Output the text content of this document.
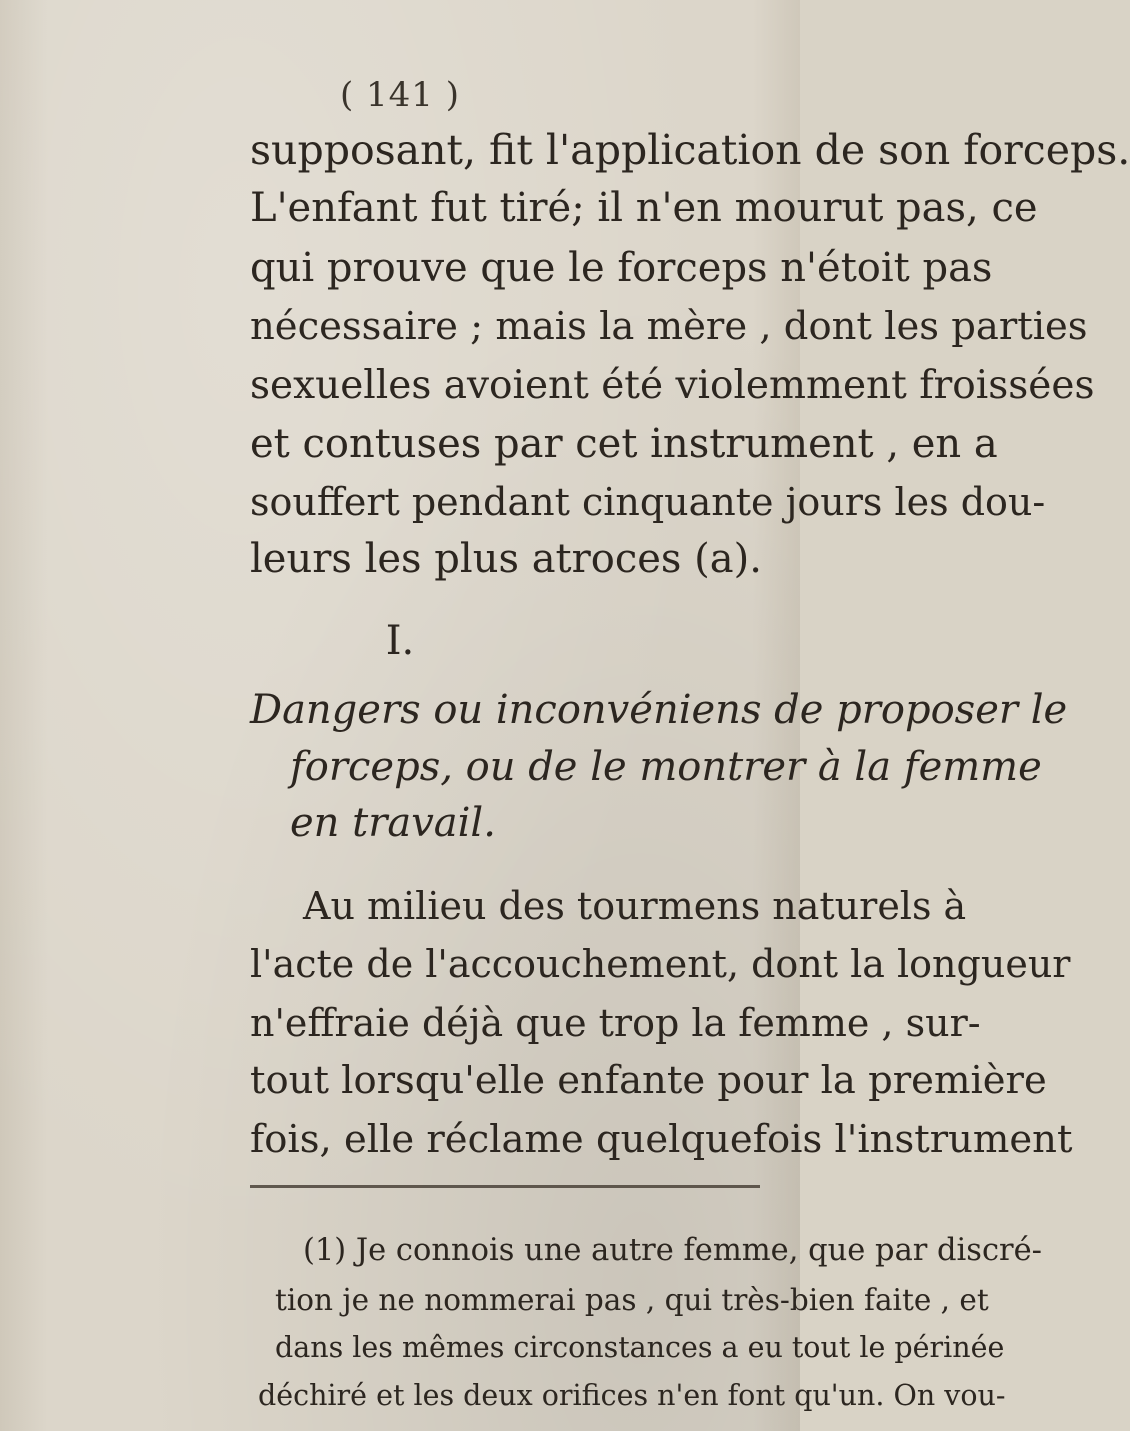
( 141 )
supposant, fit l'application de son forceps.
L'enfant fut tiré; il n'en mourut pas, ce
qui prouve que le forceps n'étoit pas
nécessaire ; mais la mère , dont les parties
sexuelles avoient été violemment froissées
et contuses par cet instrument , en a
souffert pendant cinquante jours les dou-
leurs les plus atroces (a).
I.
Dangers ou inconvéniens de proposer le
forceps, ou de le montrer à la femme
en travail.
Au milieu des tourmens naturels à
l'acte de l'accouchement, dont la longueur
n'effraie déjà que trop la femme , sur-
tout lorsqu'elle enfante pour la première
fois, elle réclame quelquefois l'instrument
(1) Je connois une autre femme, que par discré-
tion je ne nommerai pas , qui très-bien faite , et
dans les mêmes circonstances a eu tout le périnée
déchiré et les deux orifices n'en font qu'un. On vou-
